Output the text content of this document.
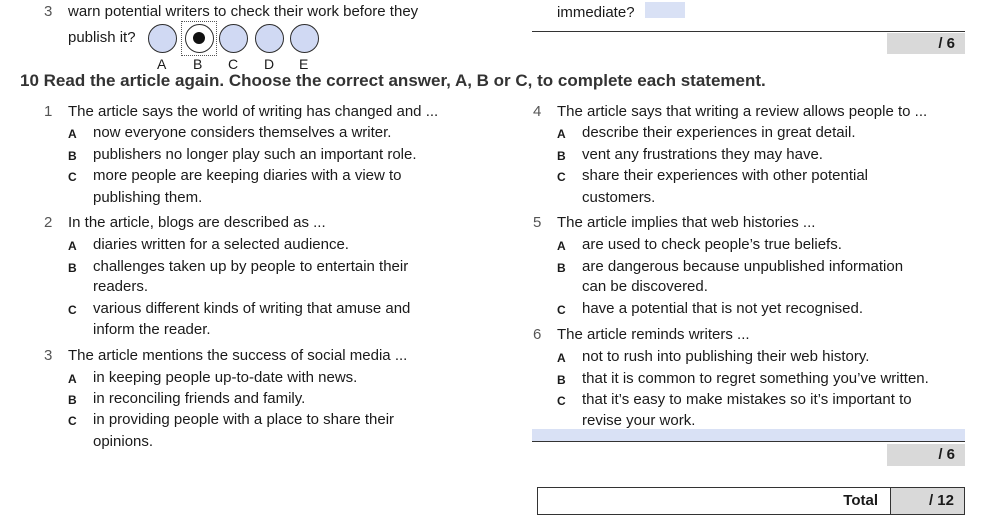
3 warn potential writers to check their work before they
publish it?
A B C D E
immediate?
/ 6
10 Read the article again. Choose the correct answer, A, B or C, to complete each statement.
1 The article says the world of writing has changed and ...
A now everyone considers themselves a writer.
B publishers no longer play such an important role.
C more people are keeping diaries with a view to
publishing them.
2 In the article, blogs are described as ...
A diaries written for a selected audience.
B challenges taken up by people to entertain their
readers.
C various different kinds of writing that amuse and
inform the reader.
3 The article mentions the success of social media ...
A in keeping people up-to-date with news.
B in reconciling friends and family.
C in providing people with a place to share their
opinions.
4 The article says that writing a review allows people to ...
A describe their experiences in great detail.
B vent any frustrations they may have.
C share their experiences with other potential
customers.
5 The article implies that web histories ...
A are used to check people’s true beliefs.
B are dangerous because unpublished information
can be discovered.
C have a potential that is not yet recognised.
6 The article reminds writers ...
A not to rush into publishing their web history.
B that it is common to regret something you’ve written.
C that it’s easy to make mistakes so it’s important to
revise your work.
/ 6
Total	/ 12
